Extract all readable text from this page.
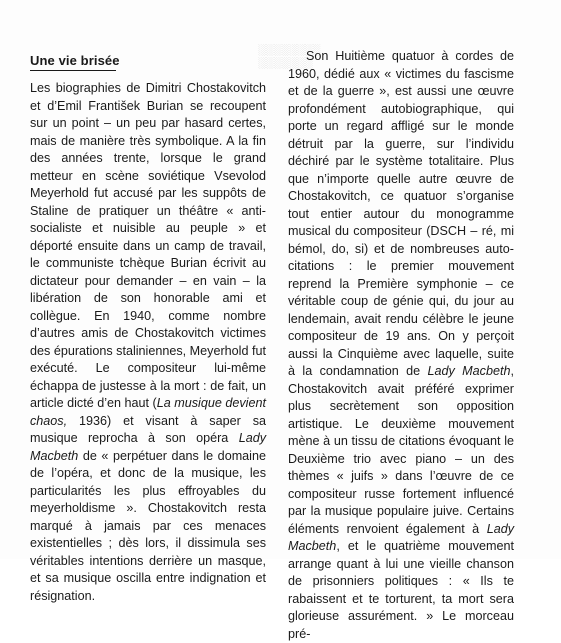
░░░░░░░░
░░░░░░░
Une vie brisée

Les biographies de Dimitri Chostakovitch et d’Emil František Burian se recoupent sur un point – un peu par hasard certes, mais de manière très symbolique. A la fin des années trente, lorsque le grand metteur en scène soviétique Vsevolod Meyerhold fut accusé par les suppôts de Staline de pratiquer un théâtre « anti-socialiste et nuisible au peuple » et déporté ensuite dans un camp de travail, le communiste tchèque Burian écrivit au dictateur pour demander – en vain – la libération de son honorable ami et collègue. En 1940, comme nombre d’autres amis de Chostakovitch victimes des épurations staliniennes, Meyerhold fut exécuté. Le compositeur lui-même échappa de justesse à la mort : de fait, un article dicté d’en haut (La musique devient chaos, 1936) et visant à saper sa musique reprocha à son opéra Lady Macbeth de « perpétuer dans le domaine de l’opéra, et donc de la musique, les particularités les plus effroyables du meyerholdisme ». Chostakovitch resta marqué à jamais par ces menaces existentielles ; dès lors, il dissimula ses véritables intentions derrière un masque, et sa musique oscilla entre indignation et résignation.

Son Huitième quatuor à cordes de 1960, dédié aux « victimes du fascisme et de la guerre », est aussi une œuvre profondément autobiographique, qui porte un regard affligé sur le monde détruit par la guerre, sur l’individu déchiré par le système totalitaire. Plus que n’importe quelle autre œuvre de Chostakovitch, ce quatuor s’organise tout entier autour du monogramme musical du compositeur (DSCH – ré, mi bémol, do, si) et de nombreuses auto-citations : le premier mouvement reprend la Première symphonie – ce véritable coup de génie qui, du jour au lendemain, avait rendu célèbre le jeune compositeur de 19 ans. On y perçoit aussi la Cinquième avec laquelle, suite à la condamnation de Lady Macbeth, Chostakovitch avait préféré exprimer plus secrètement son opposition artistique. Le deuxième mouvement mène à un tissu de citations évoquant le Deuxième trio avec piano – un des thèmes « juifs » dans l’œuvre de ce compositeur russe fortement influencé par la musique populaire juive. Certains éléments renvoient également à Lady Macbeth, et le quatrième mouvement arrange quant à lui une vieille chanson de prisonniers politiques : « Ils te rabaissent et te torturent, ta mort sera glorieuse assurément. » Le morceau pré-
